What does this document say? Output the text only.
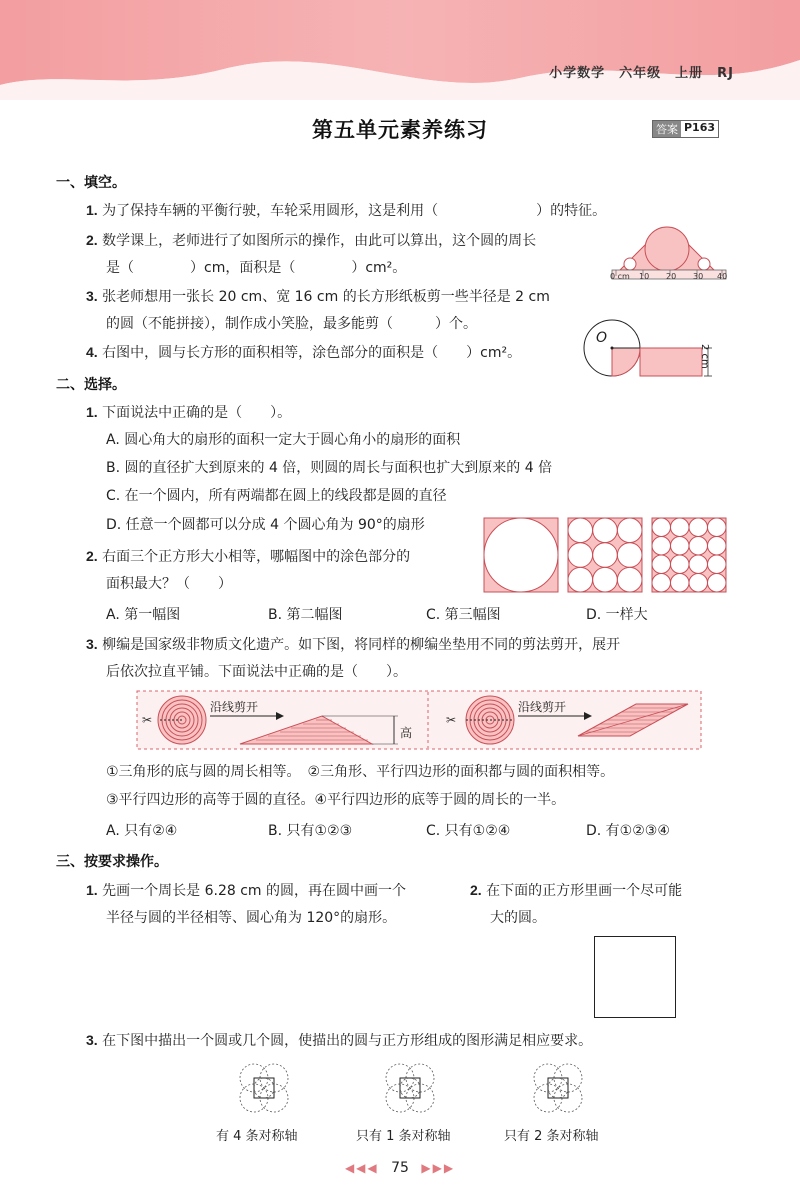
小学数学　六年级　上册　RJ
第五单元素养练习	答案 P163
一、填空。
1. 为了保持车辆的平衡行驶，车轮采用圆形，这是利用（　　　　　　　）的特征。
2. 数学课上，老师进行了如图所示的操作，由此可以算出，这个圆的周长
是（　　　　）cm，面积是（　　　　）cm²。
0 cm 10 20 30 40
3. 张老师想用一张长 20 cm、宽 16 cm 的长方形纸板剪一些半径是 2 cm
的圆（不能拼接），制作成小笑脸，最多能剪（　　　）个。
4. 右图中，圆与长方形的面积相等，涂色部分的面积是（　　）cm²。
O
2 cm
二、选择。
1. 下面说法中正确的是（　　）。
A. 圆心角大的扇形的面积一定大于圆心角小的扇形的面积
B. 圆的直径扩大到原来的 4 倍，则圆的周长与面积也扩大到原来的 4 倍
C. 在一个圆内，所有两端都在圆上的线段都是圆的直径
D. 任意一个圆都可以分成 4 个圆心角为 90°的扇形
2. 右面三个正方形大小相等，哪幅图中的涂色部分的
面积最大？（　　）
A. 第一幅图	B. 第二幅图	C. 第三幅图	D. 一样大
3. 柳编是国家级非物质文化遗产。如下图，将同样的柳编坐垫用不同的剪法剪开，展开
后依次拉直平铺。下面说法中正确的是（　　）。
✂	✂
沿线剪开	沿线剪开
高
①三角形的底与圆的周长相等。　②三角形、平行四边形的面积都与圆的面积相等。
③平行四边形的高等于圆的直径。④平行四边形的底等于圆的周长的一半。
A. 只有②④	B. 只有①②③	C. 只有①②④	D. 有①②③④
三、按要求操作。
1. 先画一个周长是 6.28 cm 的圆，再在圆中画一个
半径与圆的半径相等、圆心角为 120°的扇形。
2. 在下面的正方形里画一个尽可能
大的圆。
3. 在下图中描出一个圆或几个圆，使描出的圆与正方形组成的图形满足相应要求。
有 4 条对称轴	只有 1 条对称轴	只有 2 条对称轴
◀◀◀ 75 ▶▶▶
